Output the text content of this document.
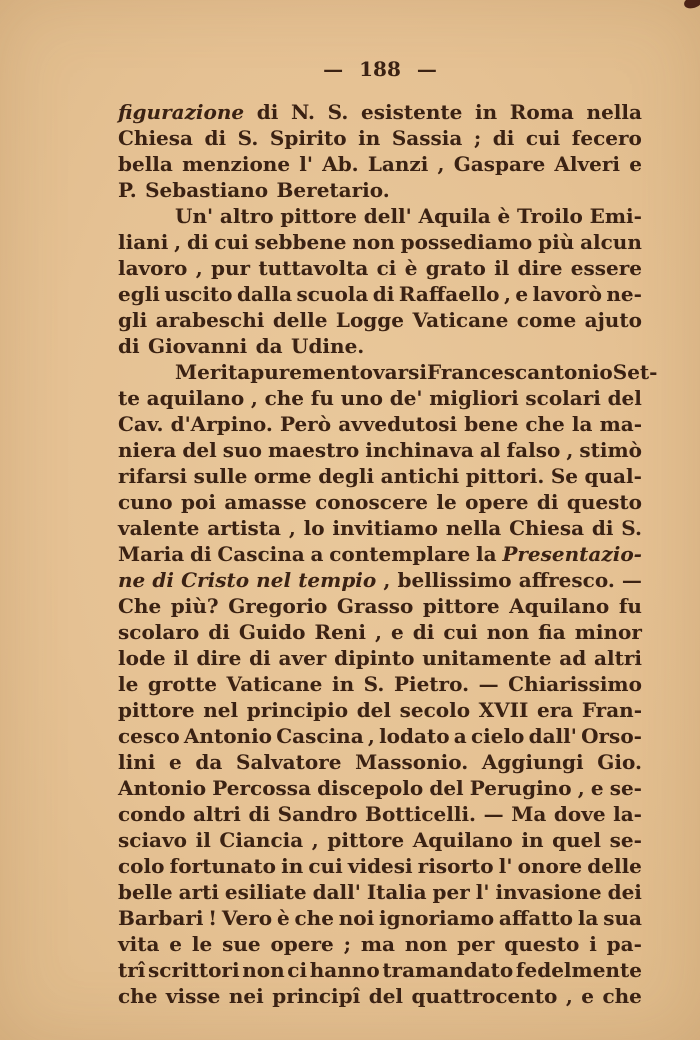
— 188 —
figurazione di N. S. esistente in Roma nella
Chiesa di S. Spirito in Sassia ; di cui fecero
bella menzione l' Ab. Lanzi , Gaspare Alveri e
P. Sebastiano Beretario.
Un' altro pittore dell' Aquila è Troilo Emi-
liani , di cui sebbene non possediamo più alcun
lavoro , pur tuttavolta ci è grato il dire essere
egli uscito dalla scuola di Raffaello , e lavorò ne-
gli arabeschi delle Logge Vaticane come ajuto
di Giovanni da Udine.
Merita pure mentovarsi Francescantonio Set-
te aquilano , che fu uno de' migliori scolari del
Cav. d'Arpino. Però avvedutosi bene che la ma-
niera del suo maestro inchinava al falso , stimò
rifarsi sulle orme degli antichi pittori. Se qual-
cuno poi amasse conoscere le opere di questo
valente artista , lo invitiamo nella Chiesa di S.
Maria di Cascina a contemplare la Presentazio-
ne di Cristo nel tempio , bellissimo affresco. —
Che più? Gregorio Grasso pittore Aquilano fu
scolaro di Guido Reni , e di cui non fia minor
lode il dire di aver dipinto unitamente ad altri
le grotte Vaticane in S. Pietro. — Chiarissimo
pittore nel principio del secolo XVII era Fran-
cesco Antonio Cascina , lodato a cielo dall' Orso-
lini e da Salvatore Massonio. Aggiungi Gio.
Antonio Percossa discepolo del Perugino , e se-
condo altri di Sandro Botticelli. — Ma dove la-
sciavo il Ciancia , pittore Aquilano in quel se-
colo fortunato in cui videsi risorto l' onore delle
belle arti esiliate dall' Italia per l' invasione dei
Barbari ! Vero è che noi ignoriamo affatto la sua
vita e le sue opere ; ma non per questo i pa-
trî scrittori non ci hanno tramandato fedelmente
che visse nei principî del quattrocento , e che
